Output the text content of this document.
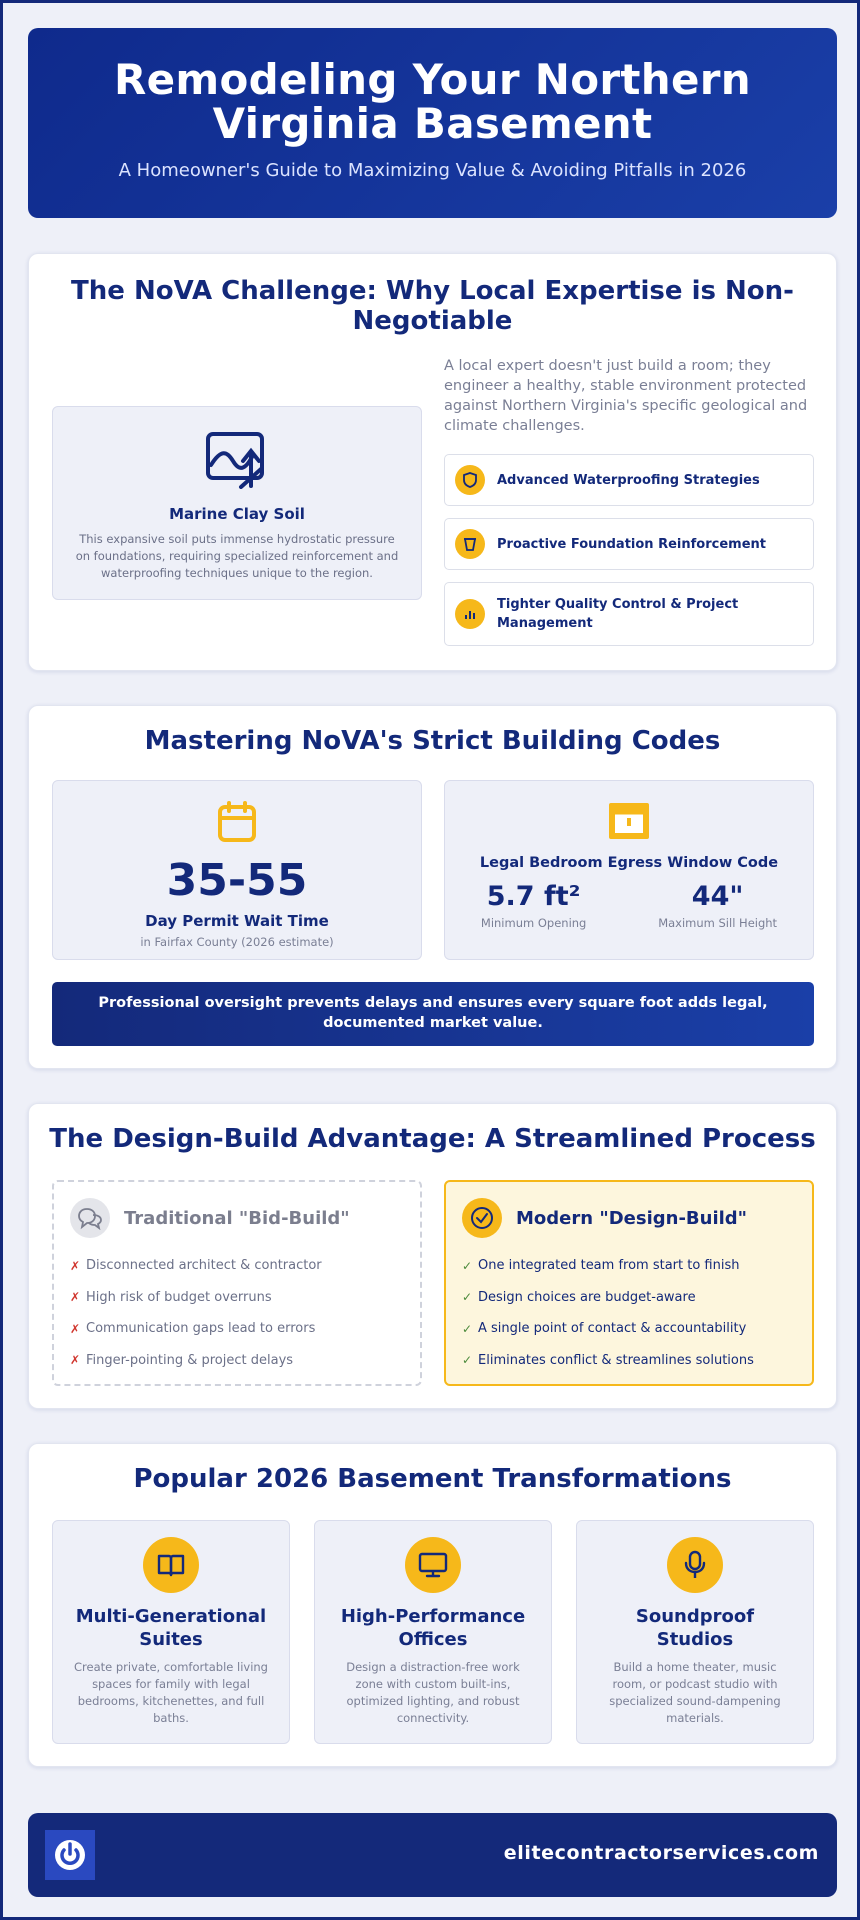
Remodeling Your Northern Virginia Basement

A Homeowner's Guide to Maximizing Value & Avoiding Pitfalls in 2026

The NoVA Challenge: Why Local Expertise is Non-Negotiable
Marine Clay Soil
This expansive soil puts immense hydrostatic pressure on foundations, requiring specialized reinforcement and waterproofing techniques unique to the region.

A local expert doesn't just build a room; they engineer a healthy, stable environment protected against Northern Virginia's specific geological and climate challenges.

Advanced Waterproofing Strategies
Proactive Foundation Reinforcement
Tighter Quality Control & Project Management
Mastering NoVA's Strict Building Codes
35-55
Day Permit Wait Time
in Fairfax County (2026 estimate)
Legal Bedroom Egress Window Code
5.7 ft²
Minimum Opening
44"
Maximum Sill Height
Professional oversight prevents delays and ensures every square foot adds legal, documented market value.
The Design-Build Advantage: A Streamlined Process
Traditional "Bid-Build"
✗ Disconnected architect & contractor
✗ High risk of budget overruns
✗ Communication gaps lead to errors
✗ Finger-pointing & project delays
Modern "Design-Build"
✓ One integrated team from start to finish
✓ Design choices are budget-aware
✓ A single point of contact & accountability
✓ Eliminates conflict & streamlines solutions
Popular 2026 Basement Transformations
Multi-Generational Suites
Create private, comfortable living spaces for family with legal bedrooms, kitchenettes, and full baths.
High-Performance Offices
Design a distraction-free work zone with custom built-ins, optimized lighting, and robust connectivity.
Soundproof Studios
Build a home theater, music room, or podcast studio with specialized sound-dampening materials.
elitecontractorservices.com
